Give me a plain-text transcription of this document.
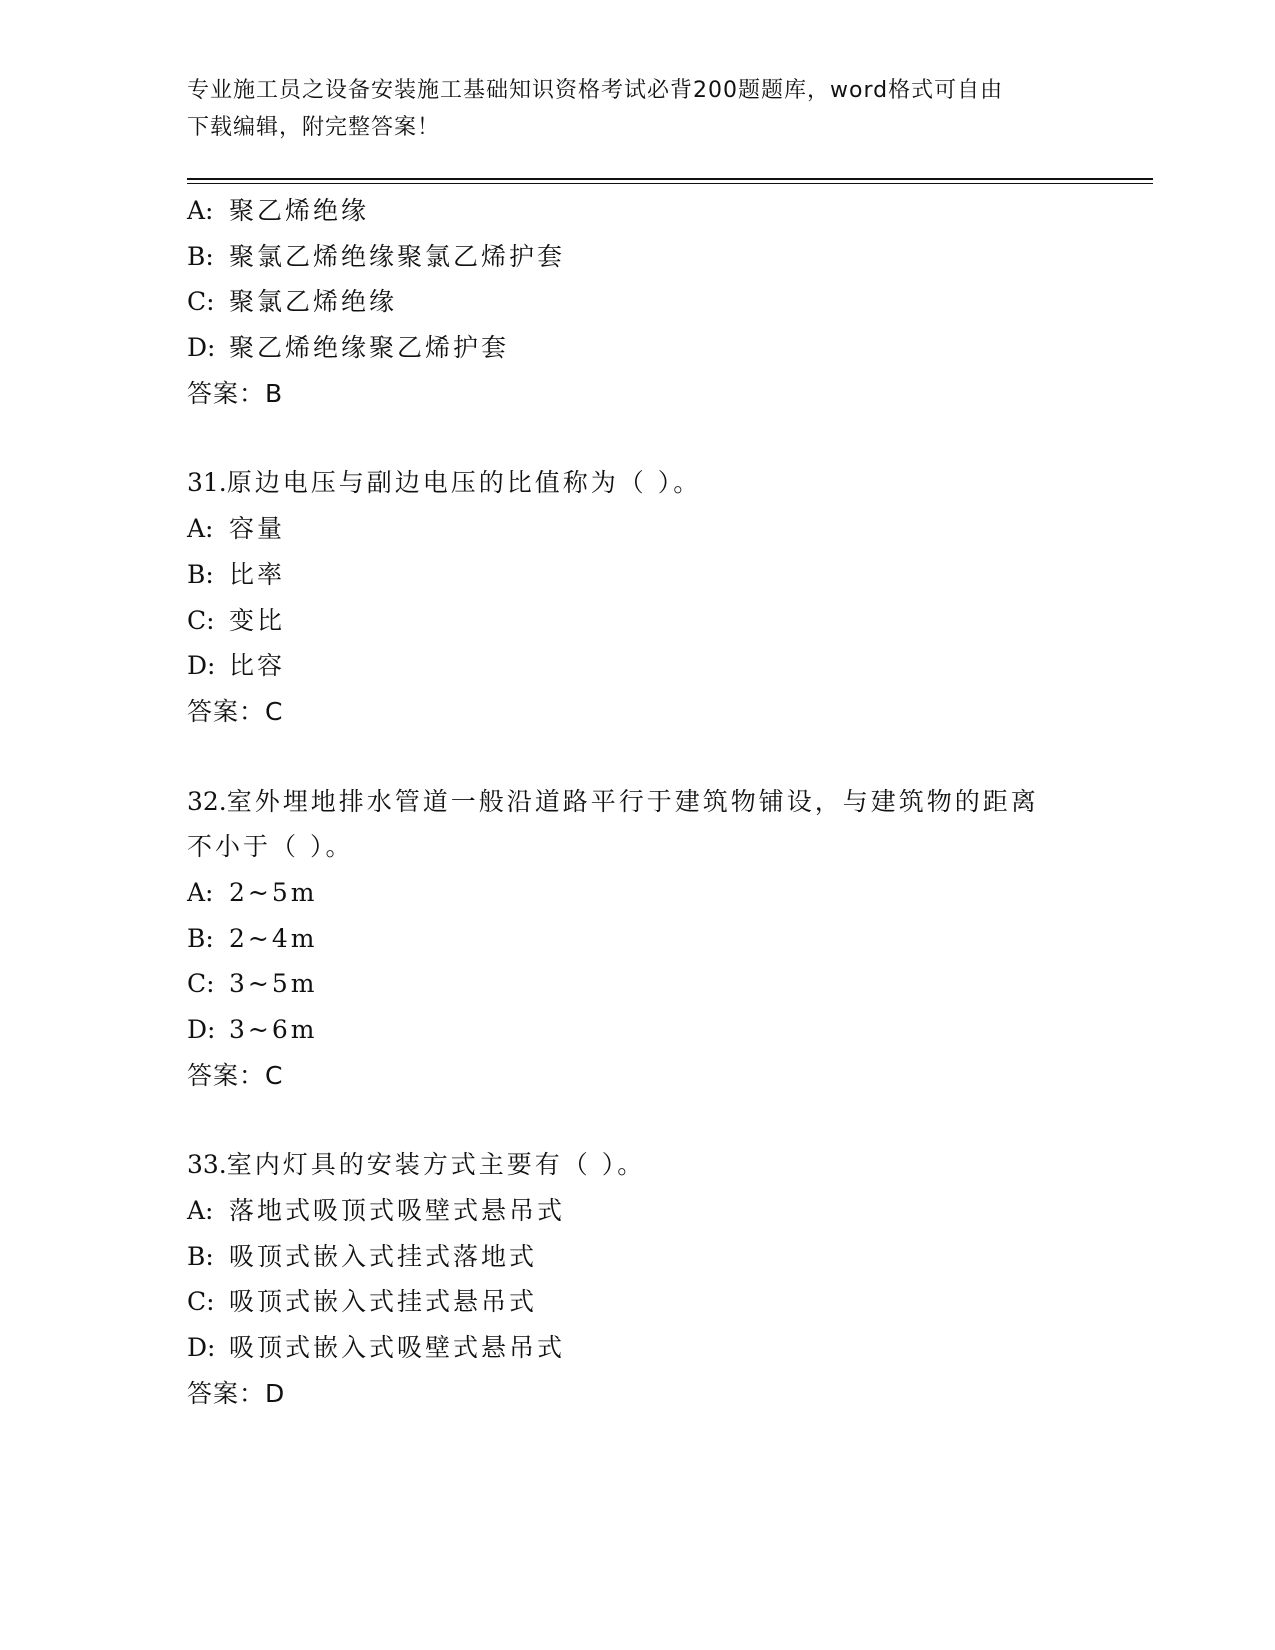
专业施工员之设备安装施工基础知识资格考试必背200题题库，word格式可自由
下载编辑，附完整答案！
A: 聚乙烯绝缘
B: 聚氯乙烯绝缘聚氯乙烯护套
C: 聚氯乙烯绝缘
D: 聚乙烯绝缘聚乙烯护套
答案：B
31.原边电压与副边电压的比值称为（ ）。
A: 容量
B: 比率
C: 变比
D: 比容
答案：C
32.室外埋地排水管道一般沿道路平行于建筑物铺设，与建筑物的距离
不小于（ ）。
A: 2~5m
B: 2~4m
C: 3~5m
D: 3~6m
答案：C
33.室内灯具的安装方式主要有（ ）。
A: 落地式吸顶式吸壁式悬吊式
B: 吸顶式嵌入式挂式落地式
C: 吸顶式嵌入式挂式悬吊式
D: 吸顶式嵌入式吸壁式悬吊式
答案：D
